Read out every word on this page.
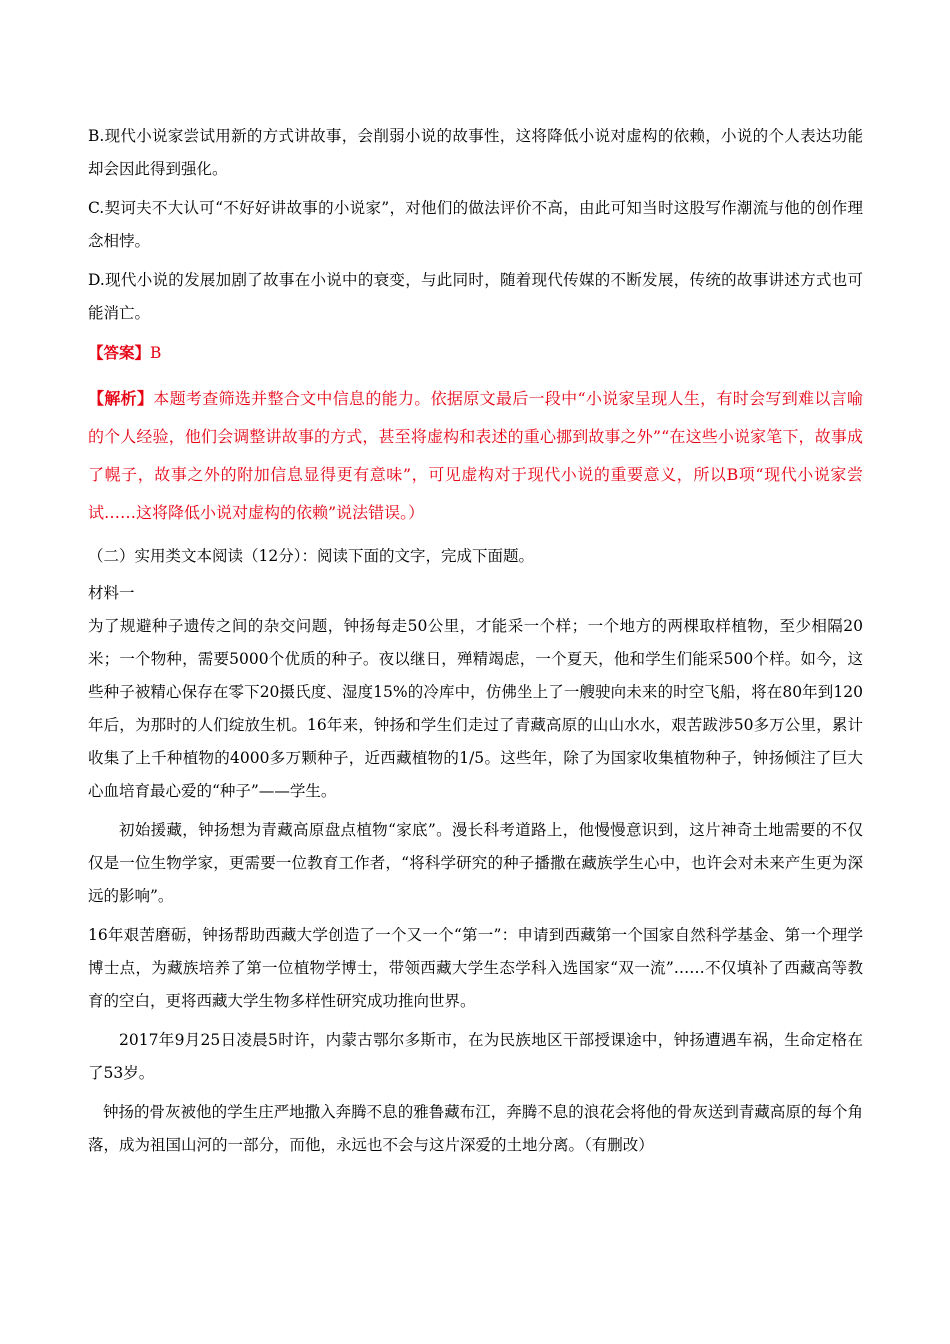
B.现代小说家尝试用新的方式讲故事，会削弱小说的故事性，这将降低小说对虚构的依赖，小说的个人表达功能却会因此得到强化。

C.契诃夫不大认可“不好好讲故事的小说家”，对他们的做法评价不高，由此可知当时这股写作潮流与他的创作理念相悖。

D.现代小说的发展加剧了故事在小说中的衰变，与此同时，随着现代传媒的不断发展，传统的故事讲述方式也可能消亡。

【答案】B

【解析】本题考查筛选并整合文中信息的能力。依据原文最后一段中“小说家呈现人生，有时会写到难以言喻的个人经验，他们会调整讲故事的方式，甚至将虚构和表述的重心挪到故事之外”“在这些小说家笔下，故事成了幌子，故事之外的附加信息显得更有意味”，可见虚构对于现代小说的重要意义，所以B项“现代小说家尝试……这将降低小说对虚构的依赖”说法错误。）

（二）实用类文本阅读（12分）：阅读下面的文字，完成下面题。

材料一

为了规避种子遗传之间的杂交问题，钟扬每走50公里，才能采一个样；一个地方的两棵取样植物，至少相隔20米；一个物种，需要5000个优质的种子。夜以继日，殚精竭虑，一个夏天，他和学生们能采500个样。如今，这些种子被精心保存在零下20摄氏度、湿度15%的冷库中，仿佛坐上了一艘驶向未来的时空飞船，将在80年到120年后，为那时的人们绽放生机。16年来，钟扬和学生们走过了青藏高原的山山水水，艰苦跋涉50多万公里，累计收集了上千种植物的4000多万颗种子，近西藏植物的1/5。这些年，除了为国家收集植物种子，钟扬倾注了巨大心血培育最心爱的“种子”——学生。

初始援藏，钟扬想为青藏高原盘点植物“家底”。漫长科考道路上，他慢慢意识到，这片神奇土地需要的不仅仅是一位生物学家，更需要一位教育工作者，“将科学研究的种子播撒在藏族学生心中，也许会对未来产生更为深远的影响”。

16年艰苦磨砺，钟扬帮助西藏大学创造了一个又一个“第一”：申请到西藏第一个国家自然科学基金、第一个理学博士点，为藏族培养了第一位植物学博士，带领西藏大学生态学科入选国家“双一流”……不仅填补了西藏高等教育的空白，更将西藏大学生物多样性研究成功推向世界。

2017年9月25日凌晨5时许，内蒙古鄂尔多斯市，在为民族地区干部授课途中，钟扬遭遇车祸，生命定格在了53岁。

钟扬的骨灰被他的学生庄严地撒入奔腾不息的雅鲁藏布江，奔腾不息的浪花会将他的骨灰送到青藏高原的每个角落，成为祖国山河的一部分，而他，永远也不会与这片深爱的土地分离。（有删改）
